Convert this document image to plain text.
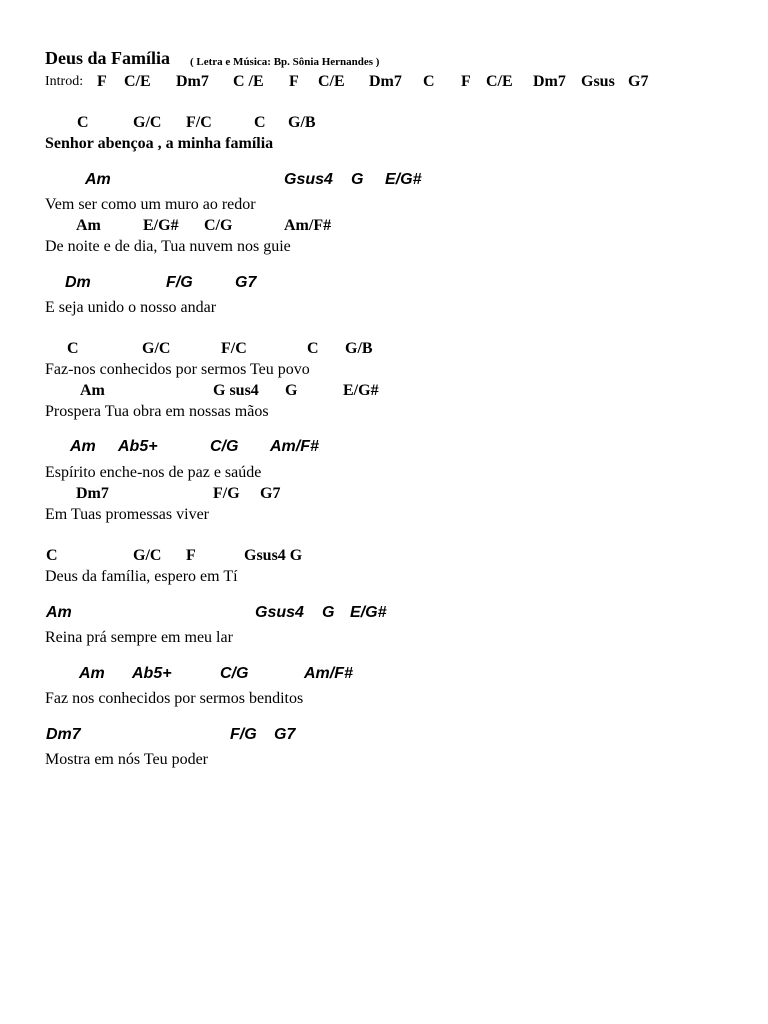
Deus da Família ( Letra e Música: Bp. Sônia Hernandes )
Introd: F C/E Dm7 C /E F C/E Dm7 C F C/E Dm7 Gsus G7
C	G/C F/C	C G/B
Senhor abençoa , a minha família
Am	Gsus4 G E/G#
Vem ser como um muro ao redor
Am	E/G# C/G	Am/F#
De noite e de dia, Tua nuvem nos guie
Dm	F/G	G7
E seja unido o nosso andar
C	G/C	F/C	C G/B
Faz-nos conhecidos por sermos Teu povo
Am	G sus4 G	E/G#
Prospera Tua obra em nossas mãos
Am Ab5+	C/G Am/F#
Espírito enche-nos de paz e saúde
Dm7	F/G G7
Em Tuas promessas viver
C	G/C F	Gsus4 G
Deus da família, espero em Tí
Am	Gsus4 G E/G#
Reina prá sempre em meu lar
Am Ab5+	C/G	Am/F#
Faz nos conhecidos por sermos benditos
Dm7	F/G G7
Mostra em nós Teu poder
